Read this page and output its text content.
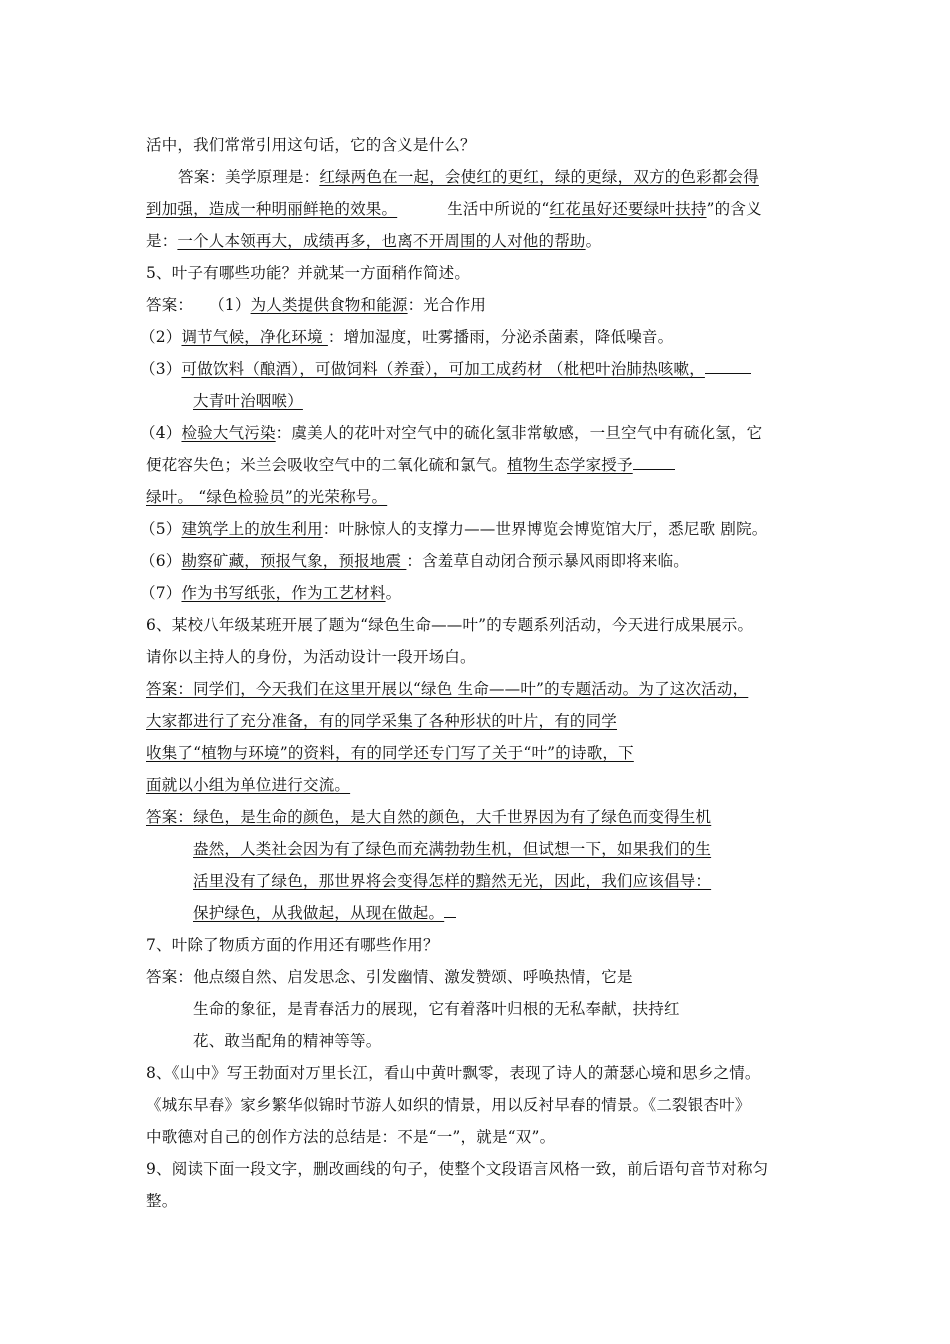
活中，我们常常引用这句话，它的含义是什么？
答案：美学原理是：红绿两色在一起，会使红的更红，绿的更绿，双方的色彩都会得
到加强，造成一种明丽鲜艳的效果。	生活中所说的“红花虽好还要绿叶扶持”的含义
是：一个人本领再大，成绩再多，也离不开周围的人对他的帮助。
5、叶子有哪些功能？并就某一方面稍作简述。
答案： （1）为人类提供食物和能源：光合作用
（2）调节气候，净化环境 ：增加湿度，吐雾播雨，分泌杀菌素，降低噪音。
（3）可做饮料（酿酒），可做饲料（养蚕），可加工成药材 （枇杷叶治肺热咳嗽，
大青叶治咽喉）
（4）检验大气污染：虞美人的花叶对空气中的硫化氢非常敏感，一旦空气中有硫化氢，它
便花容失色；米兰会吸收空气中的二氧化硫和氯气。植物生态学家授予
绿叶。 “绿色检验员”的光荣称号。
（5）建筑学上的放生利用：叶脉惊人的支撑力——世界博览会博览馆大厅，悉尼歌 剧院。
（6）勘察矿藏，预报气象，预报地震 ：含羞草自动闭合预示暴风雨即将来临。
（7）作为书写纸张，作为工艺材料。
6、某校八年级某班开展了题为“绿色生命——叶”的专题系列活动，今天进行成果展示。
请你以主持人的身份，为活动设计一段开场白。
答案：同学们，今天我们在这里开展以“绿色 生命——叶”的专题活动。为了这次活动，
大家都进行了充分准备，有的同学采集了各种形状的叶片，有的同学
收集了“植物与环境”的资料，有的同学还专门写了关于“叶”的诗歌，下
面就以小组为单位进行交流。
答案：绿色，是生命的颜色，是大自然的颜色，大千世界因为有了绿色而变得生机
盎然，人类社会因为有了绿色而充满勃勃生机，但试想一下，如果我们的生
活里没有了绿色，那世界将会变得怎样的黯然无光，因此，我们应该倡导：
保护绿色，从我做起，从现在做起。
7、叶除了物质方面的作用还有哪些作用？
答案：他点缀自然、启发思念、引发幽情、激发赞颂、呼唤热情，它是
生命的象征，是青春活力的展现，它有着落叶归根的无私奉献，扶持红
花、敢当配角的精神等等。
8、《山中》写王勃面对万里长江，看山中黄叶飘零，表现了诗人的萧瑟心境和思乡之情。
《城东早春》家乡繁华似锦时节游人如织的情景，用以反衬早春的情景。《二裂银杏叶》
中歌德对自己的创作方法的总结是：不是“一”，就是“双”。
9、阅读下面一段文字，删改画线的句子，使整个文段语言风格一致，前后语句音节对称匀
整。
